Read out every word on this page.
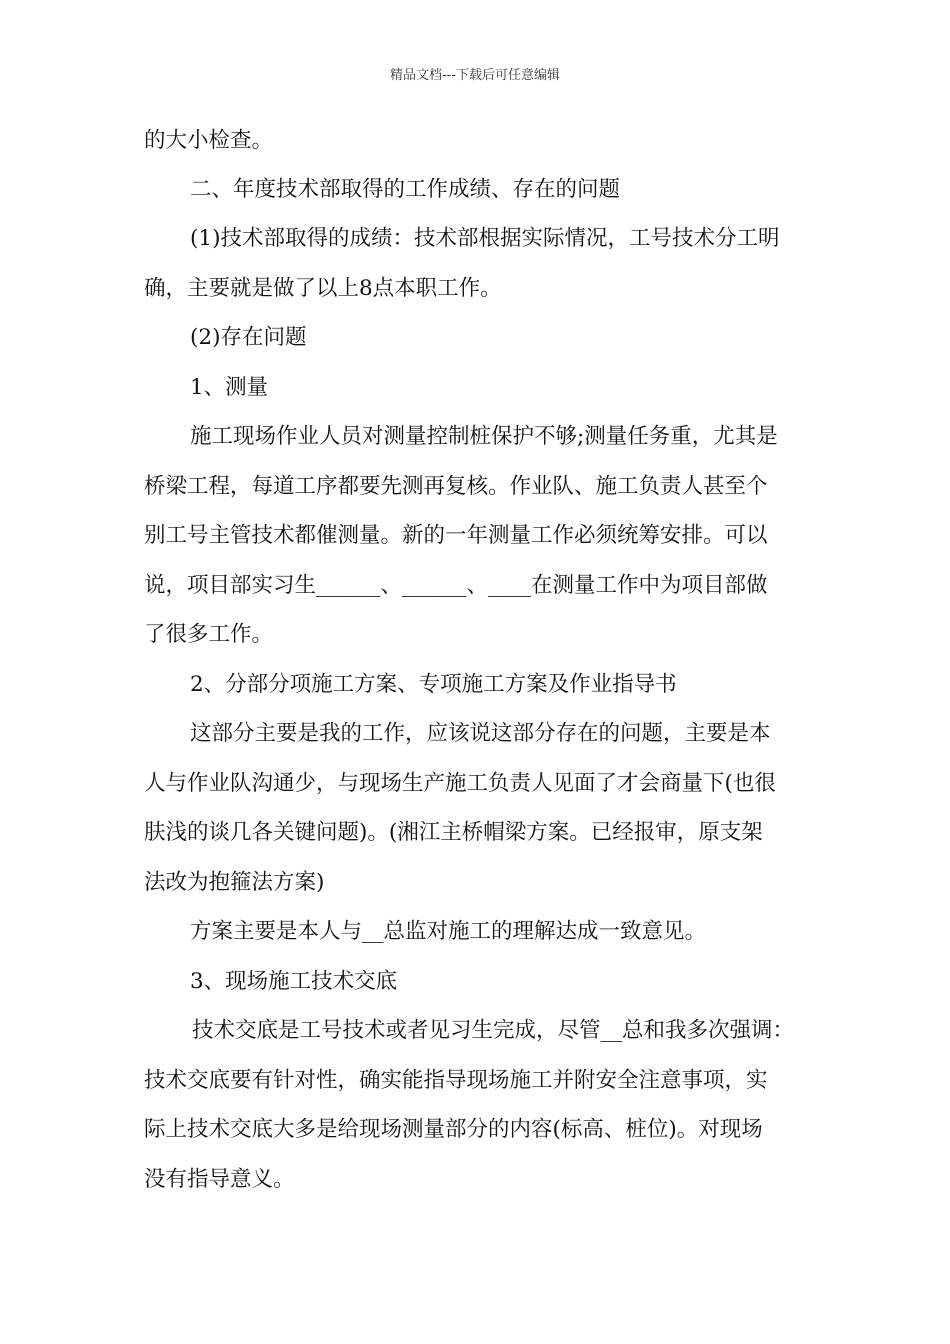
精品文档---下载后可任意编辑
的大小检查。
二、年度技术部取得的工作成绩、存在的问题
(1)技术部取得的成绩：技术部根据实际情况，工号技术分工明
确，主要就是做了以上8点本职工作。
(2)存在问题
1、测量
施工现场作业人员对测量控制桩保护不够;测量任务重，尤其是
桥梁工程，每道工序都要先测再复核。作业队、施工负责人甚至个
别工号主管技术都催测量。新的一年测量工作必须统筹安排。可以
说，项目部实习生______、______、____在测量工作中为项目部做
了很多工作。
2、分部分项施工方案、专项施工方案及作业指导书
这部分主要是我的工作，应该说这部分存在的问题，主要是本
人与作业队沟通少，与现场生产施工负责人见面了才会商量下(也很
肤浅的谈几各关键问题)。(湘江主桥帽梁方案。已经报审，原支架
法改为抱箍法方案)
方案主要是本人与__总监对施工的理解达成一致意见。
3、现场施工技术交底
技术交底是工号技术或者见习生完成，尽管__总和我多次强调：
技术交底要有针对性，确实能指导现场施工并附安全注意事项，实
际上技术交底大多是给现场测量部分的内容(标高、桩位)。对现场
没有指导意义。
